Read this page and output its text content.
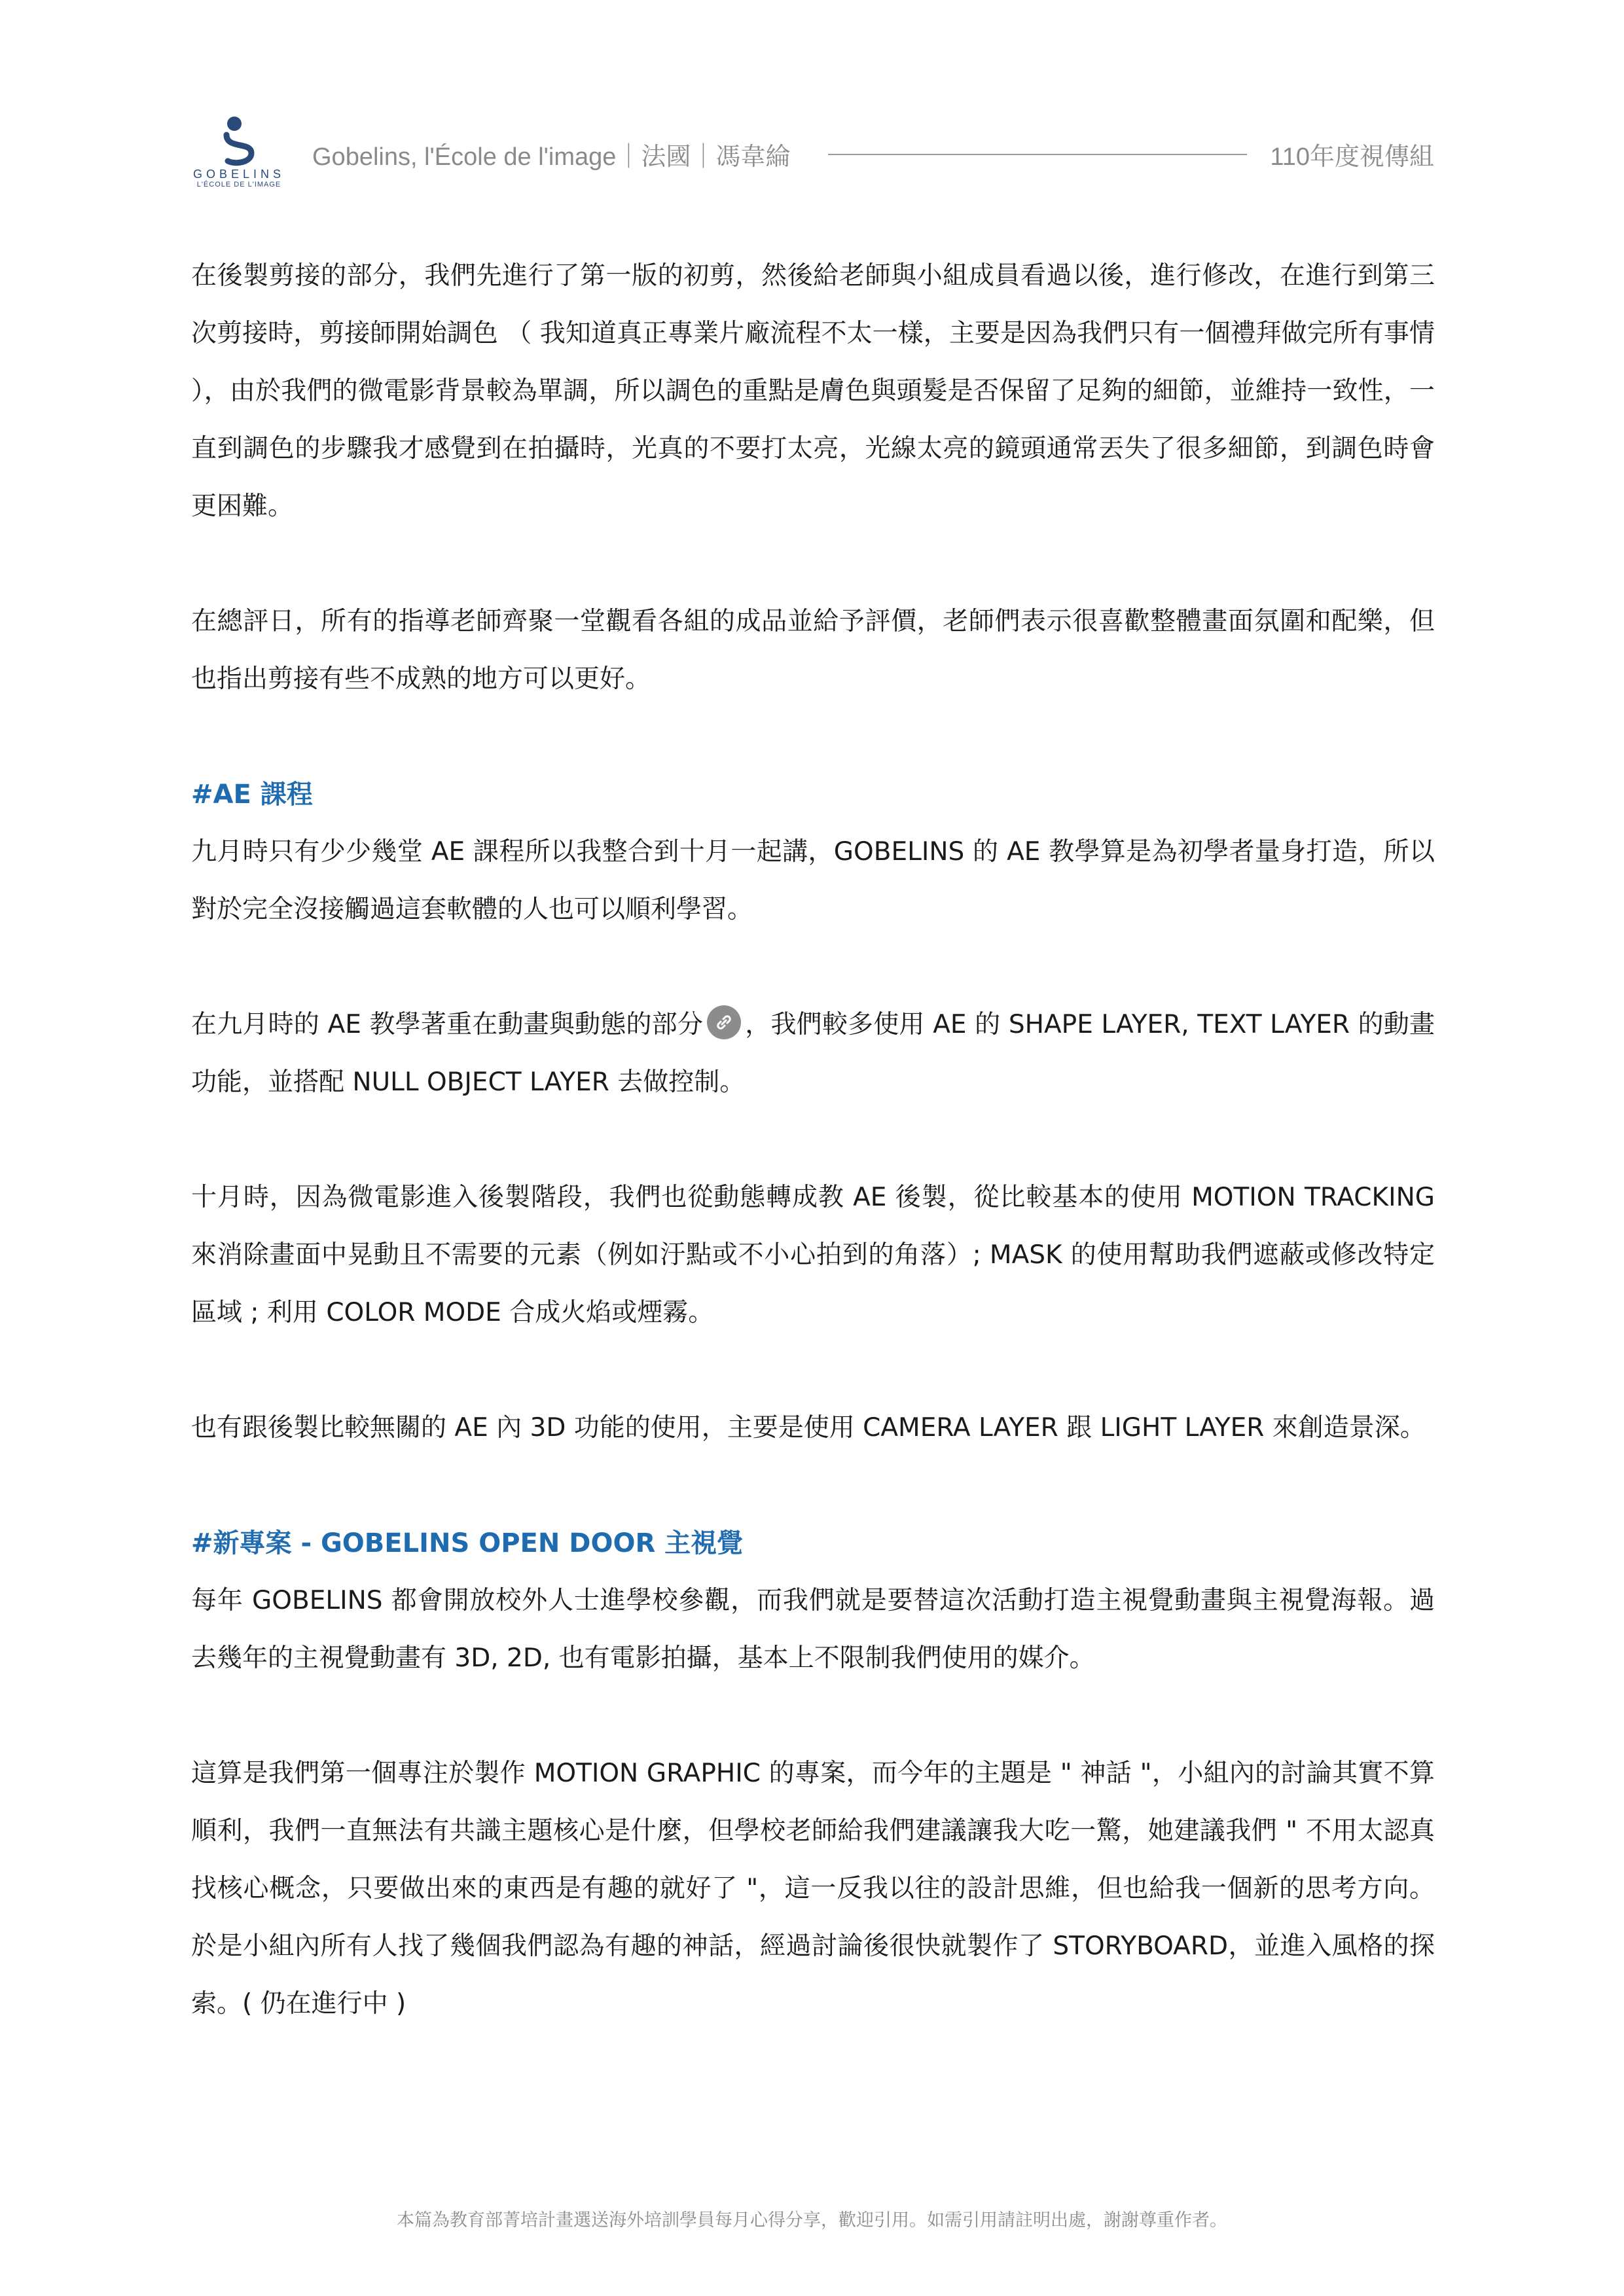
GOBELINS
L'ÉCOLE DE L'IMAGE
Gobelins, l'École de l'image｜法國｜馮韋綸	110年度視傳組

在後製剪接的部分，我們先進行了第一版的初剪，然後給老師與小組成員看過以後，進行修改，在進行到第三次剪接時，剪接師開始調色 （ 我知道真正專業片廠流程不太一樣，主要是因為我們只有一個禮拜做完所有事情 ），由於我們的微電影背景較為單調，所以調色的重點是膚色與頭髮是否保留了足夠的細節，並維持一致性，一直到調色的步驟我才感覺到在拍攝時，光真的不要打太亮，光線太亮的鏡頭通常丟失了很多細節，到調色時會更困難。

在總評日，所有的指導老師齊聚一堂觀看各組的成品並給予評價，老師們表示很喜歡整體畫面氛圍和配樂，但也指出剪接有些不成熟的地方可以更好。

#AE 課程

九月時只有少少幾堂 AE 課程所以我整合到十月一起講，GOBELINS 的 AE 教學算是為初學者量身打造，所以對於完全沒接觸過這套軟體的人也可以順利學習。

在九月時的 AE 教學著重在動畫與動態的部分 ，我們較多使用 AE 的 SHAPE LAYER, TEXT LAYER 的動畫功能，並搭配 NULL OBJECT LAYER 去做控制。

十月時，因為微電影進入後製階段，我們也從動態轉成教 AE 後製，從比較基本的使用 MOTION TRACKING 來消除畫面中晃動且不需要的元素（例如汙點或不小心拍到的角落）; MASK 的使用幫助我們遮蔽或修改特定區域 ; 利用 COLOR MODE 合成火焰或煙霧。

也有跟後製比較無關的 AE 內 3D 功能的使用，主要是使用 CAMERA LAYER 跟 LIGHT LAYER 來創造景深。

#新專案 - GOBELINS OPEN DOOR 主視覺

每年 GOBELINS 都會開放校外人士進學校參觀，而我們就是要替這次活動打造主視覺動畫與主視覺海報。過去幾年的主視覺動畫有 3D, 2D, 也有電影拍攝，基本上不限制我們使用的媒介。

這算是我們第一個專注於製作 MOTION GRAPHIC 的專案，而今年的主題是 " 神話 "，小組內的討論其實不算順利，我們一直無法有共識主題核心是什麼，但學校老師給我們建議讓我大吃一驚，她建議我們 " 不用太認真找核心概念，只要做出來的東西是有趣的就好了 "，這一反我以往的設計思維，但也給我一個新的思考方向。於是小組內所有人找了幾個我們認為有趣的神話，經過討論後很快就製作了 STORYBOARD，並進入風格的探索。( 仍在進行中 )

本篇為教育部菁培計畫選送海外培訓學員每月心得分享，歡迎引用。如需引用請註明出處，謝謝尊重作者。
